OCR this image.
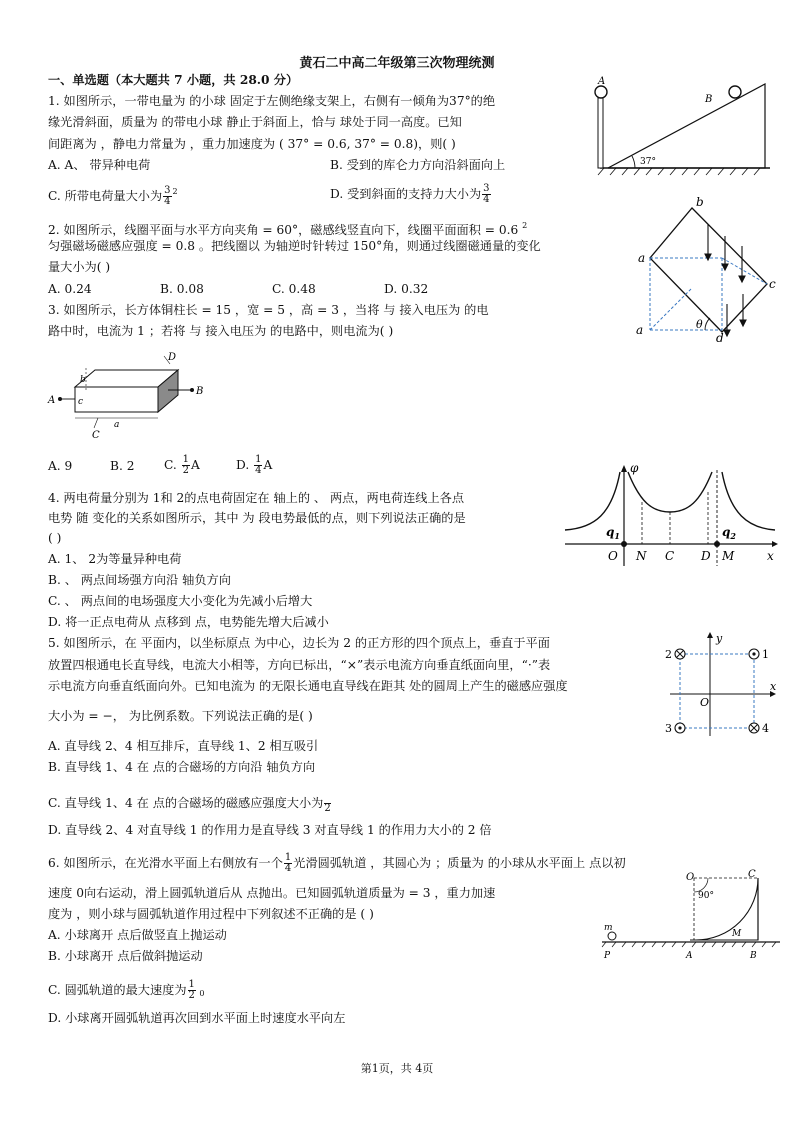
黄石二中高二年级第三次物理统测
一、单选题（本大题共 7 小题，共 28.0 分）
1. 如图所示，一带电量为 的小球 固定于左侧绝缘支架上，右侧有一倾角为37°的绝
缘光滑斜面，质量为 的带电小球 静止于斜面上，恰与 球处于同一高度。已知
间距离为 ，静电力常量为 ，重力加速度为 ( 37° = 0.6, 37° = 0.8)，则( )
A. A、 带异种电荷	B. 受到的库仑力方向沿斜面向上
C. 所带电荷量大小为 $\frac{3}{4} ^2$	D. 受到斜面的支持力大小为 $\frac{3}{4}$
A
B
37°
2. 如图所示，线圈平面与水平方向夹角 = 60°，磁感线竖直向下，线圈平面面积 = 0.6 $^2$
匀强磁场磁感应强度 = 0.8 。把线圈以 为轴逆时针转过 150°角，则通过线圈磁通量的变化
量大小为( )
A. 0.24	B. 0.08	C. 0.48	D. 0.32
b
a
c
d
a	θ
3. 如图所示，长方体铜柱长 = 15 ，宽 = 5 ，高 = 3 ，当将 与 接入电压为 的电
路中时，电流为 1 ；若将 与 接入电压为 的电路中，则电流为( )
A
B
D
C
a
b
c
A. 9	B. 2 C. $\frac{1}{2}$ A	D. $\frac{1}{4}$ A
4. 两电荷量分别为 1和 2的点电荷固定在 轴上的 、 两点，两电荷连线上各点
电势 随 变化的关系如图所示，其中 为 段电势最低的点，则下列说法正确的是
( )
A. 1、 2为等量异种电荷
B. 、 两点间场强方向沿 轴负方向
C. 、 两点间的电场强度大小变化为先减小后增大
D. 将一正点电荷从 点移到 点，电势能先增大后减小
φ
$q_1$	$q_2$
O N C D M	x
5. 如图所示，在 平面内，以坐标原点 为中心，边长为 2 的正方形的四个顶点上，垂直于平面
放置四根通电长直导线，电流大小相等，方向已标出，“×”表示电流方向垂直纸面向里，“·”表
示电流方向垂直纸面向外。已知电流为 的无限长通电直导线在距其 处的圆周上产生的磁感应强度
大小为 = −， 为比例系数。下列说法正确的是( )
A. 直导线 2、4 相互排斥，直导线 1、2 相互吸引
B. 直导线 1、4 在 点的合磁场的方向沿 轴负方向
C. 直导线 1、4 在 点的合磁场的磁感应强度大小为
2
D. 直导线 2、4 对直导线 1 的作用力是直导线 3 对直导线 1 的作用力大小的 2 倍
2	1
3	4
y
x
O
6. 如图所示，在光滑水平面上右侧放有一个 $\frac{1}{4}$ 光滑圆弧轨道 ，其圆心为 ；质量为 的小球从水平面上 点以初
速度 0向右运动，滑上圆弧轨道后从 点抛出。已知圆弧轨道质量为 = 3 ，重力加速
度为 ，则小球与圆弧轨道作用过程中下列叙述不正确的是 ( )
A. 小球离开 点后做竖直上抛运动
B. 小球离开 点后做斜抛运动
C. 圆弧轨道的最大速度为 $\frac{1}{2} _0$
D. 小球离开圆弧轨道再次回到水平面上时速度水平向左
O	C
90°
m
P	A	B
M
第1页，共 4页
